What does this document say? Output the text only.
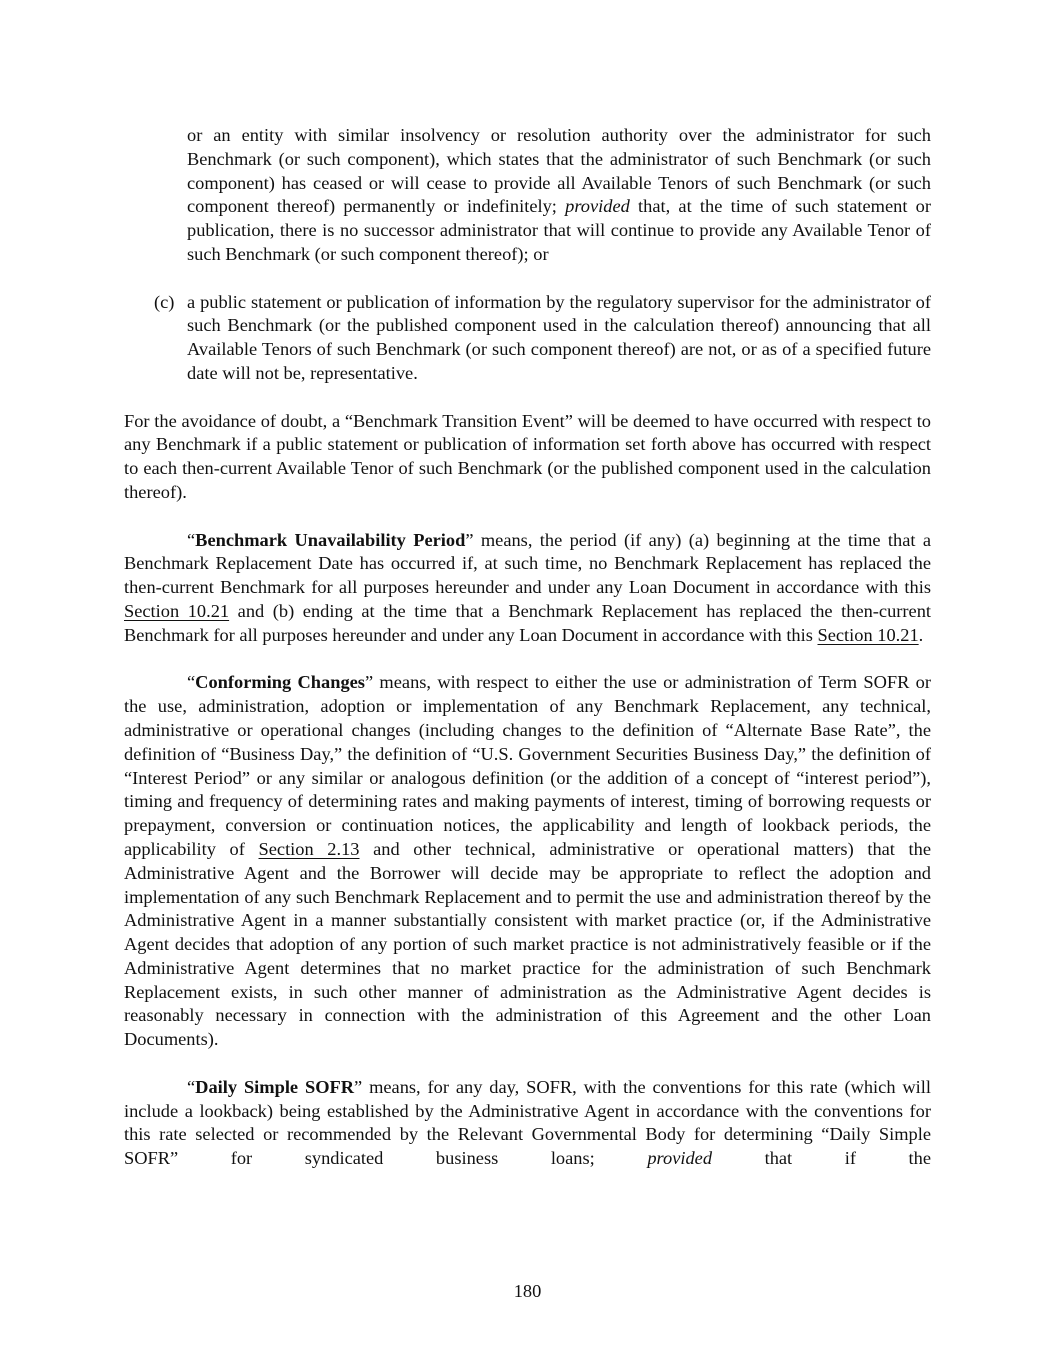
or an entity with similar insolvency or resolution authority over the administrator for such Benchmark (or such component), which states that the administrator of such Benchmark (or such component) has ceased or will cease to provide all Available Tenors of such Benchmark (or such component thereof) permanently or indefinitely; provided that, at the time of such statement or publication, there is no successor administrator that will continue to provide any Available Tenor of such Benchmark (or such component thereof); or

(c) a public statement or publication of information by the regulatory supervisor for the administrator of such Benchmark (or the published component used in the calculation thereof) announcing that all Available Tenors of such Benchmark (or such component thereof) are not, or as of a specified future date will not be, representative.

For the avoidance of doubt, a “Benchmark Transition Event” will be deemed to have occurred with respect to any Benchmark if a public statement or publication of information set forth above has occurred with respect to each then-current Available Tenor of such Benchmark (or the published component used in the calculation thereof).

“Benchmark Unavailability Period” means, the period (if any) (a) beginning at the time that a Benchmark Replacement Date has occurred if, at such time, no Benchmark Replacement has replaced the then-current Benchmark for all purposes hereunder and under any Loan Document in accordance with this Section 10.21 and (b) ending at the time that a Benchmark Replacement has replaced the then-current Benchmark for all purposes hereunder and under any Loan Document in accordance with this Section 10.21.

“Conforming Changes” means, with respect to either the use or administration of Term SOFR or the use, administration, adoption or implementation of any Benchmark Replacement, any technical, administrative or operational changes (including changes to the definition of “Alternate Base Rate”, the definition of “Business Day,” the definition of “U.S. Government Securities Business Day,” the definition of “Interest Period” or any similar or analogous definition (or the addition of a concept of “interest period”), timing and frequency of determining rates and making payments of interest, timing of borrowing requests or prepayment, conversion or continuation notices, the applicability and length of lookback periods, the applicability of Section 2.13 and other technical, administrative or operational matters) that the Administrative Agent and the Borrower will decide may be appropriate to reflect the adoption and implementation of any such Benchmark Replacement and to permit the use and administration thereof by the Administrative Agent in a manner substantially consistent with market practice (or, if the Administrative Agent decides that adoption of any portion of such market practice is not administratively feasible or if the Administrative Agent determines that no market practice for the administration of such Benchmark Replacement exists, in such other manner of administration as the Administrative Agent decides is reasonably necessary in connection with the administration of this Agreement and the other Loan Documents).

“Daily Simple SOFR” means, for any day, SOFR, with the conventions for this rate (which will include a lookback) being established by the Administrative Agent in accordance with the conventions for this rate selected or recommended by the Relevant Governmental Body for determining “Daily Simple SOFR” for syndicated business loans; provided that if the

180
